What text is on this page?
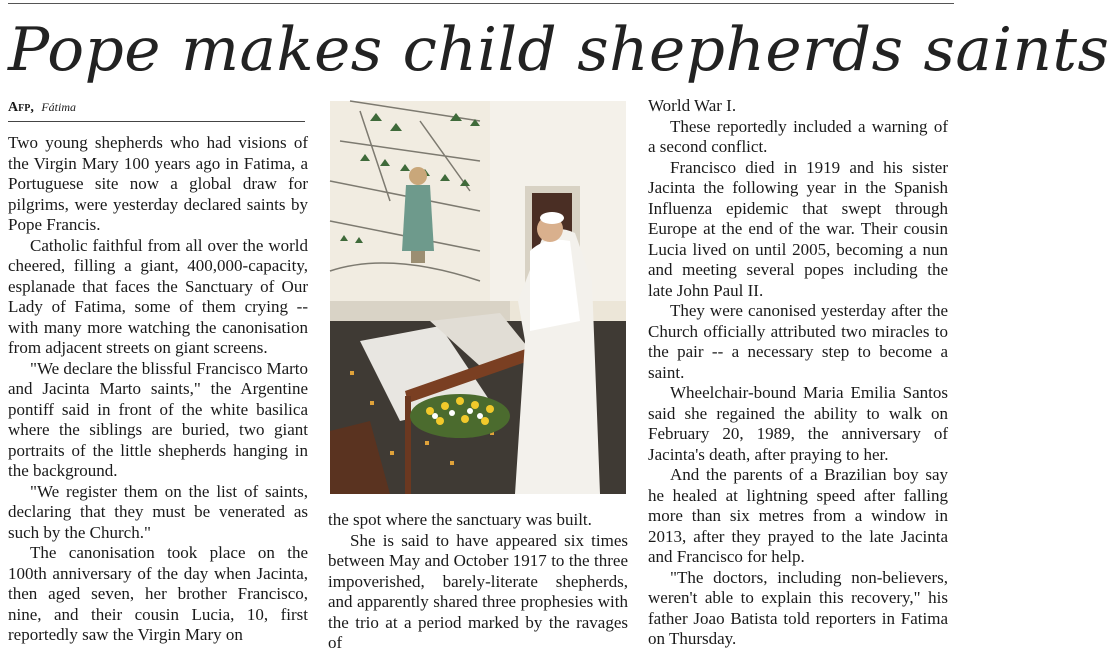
Pope makes child shepherds saints
Afp, Fátima

Two young shepherds who had visions of the Virgin Mary 100 years ago in Fatima, a Portuguese site now a global draw for pilgrims, were yesterday declared saints by Pope Francis.

Catholic faithful from all over the world cheered, filling a giant, 400,000-capacity, esplanade that faces the Sanctuary of Our Lady of Fatima, some of them crying -- with many more watching the canonisation from adjacent streets on giant screens.

"We declare the blissful Francisco Marto and Jacinta Marto saints," the Argentine pontiff said in front of the white basilica where the siblings are buried, two giant portraits of the little shepherds hanging in the background.

"We register them on the list of saints, declaring that they must be venerated as such by the Church."

The canonisation took place on the 100th anniversary of the day when Jacinta, then aged seven, her brother Francisco, nine, and their cousin Lucia, 10, first reportedly saw the Virgin Mary on

the spot where the sanctuary was built.

She is said to have appeared six times between May and October 1917 to the three impoverished, barely-literate shepherds, and apparently shared three prophesies with the trio at a period marked by the ravages of

World War I.

These reportedly included a warning of a second conflict.

Francisco died in 1919 and his sister Jacinta the following year in the Spanish Influenza epidemic that swept through Europe at the end of the war. Their cousin Lucia lived on until 2005, becoming a nun and meeting several popes including the late John Paul II.

They were canonised yesterday after the Church officially attributed two miracles to the pair -- a necessary step to become a saint.

Wheelchair-bound Maria Emilia Santos said she regained the ability to walk on February 20, 1989, the anniversary of Jacinta's death, after praying to her.

And the parents of a Brazilian boy say he healed at lightning speed after falling more than six metres from a window in 2013, after they prayed to the late Jacinta and Francisco for help.

"The doctors, including non-believers, weren't able to explain this recovery," his father Joao Batista told reporters in Fatima on Thursday.
